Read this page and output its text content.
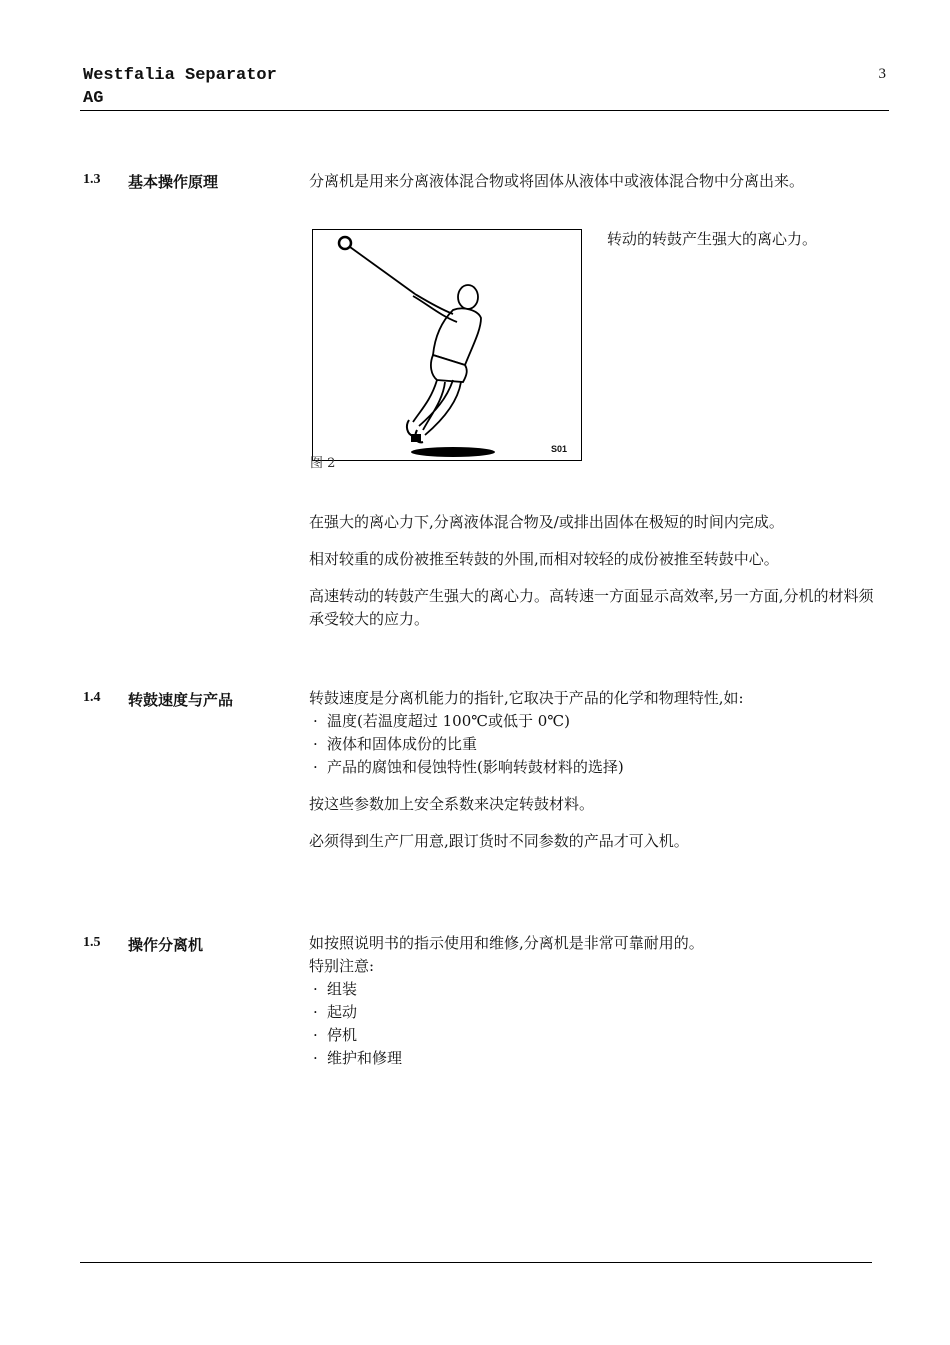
Westfalia Separator
AG
3
1.3 基本操作原理	分离机是用来分离液体混合物或将固体从液体中或液体混合物中分离出来。

S01
图 2
转动的转鼓产生强大的离心力。

在强大的离心力下,分离液体混合物及/或排出固体在极短的时间内完成。

相对较重的成份被推至转鼓的外围,而相对较轻的成份被推至转鼓中心。

高速转动的转鼓产生强大的离心力。高转速一方面显示高效率,另一方面,分机的材料须承受较大的应力。

1.4 转鼓速度与产品	转鼓速度是分离机能力的指针,它取决于产品的化学和物理特性,如:

· 温度(若温度超过 100℃或低于 0℃)
· 液体和固体成份的比重
· 产品的腐蚀和侵蚀特性(影响转鼓材料的选择)

按这些参数加上安全系数来决定转鼓材料。

必须得到生产厂用意,跟订货时不同参数的产品才可入机。

1.5 操作分离机	如按照说明书的指示使用和维修,分离机是非常可靠耐用的。

特别注意:

· 组装
· 起动
· 停机
· 维护和修理
